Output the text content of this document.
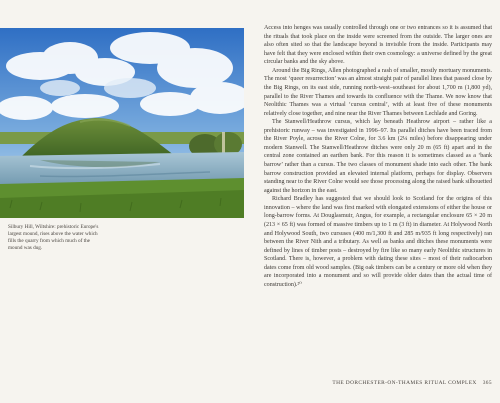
Silbury Hill, Wiltshire: prehistoric Europe's largest mound, rises above the water which fills the quarry from which much of the mound was dug.

Access into henges was usually controlled through one or two entrances so it is assumed that the rituals that took place on the inside were screened from the outside. The larger ones are also often sited so that the landscape beyond is invisible from the inside. Participants may have felt that they were enclosed within their own cosmology: a universe defined by the great circular banks and the sky above.

Around the Big Rings, Allen photographed a rash of smaller, mostly mortuary monuments. The most ‘queer resurrection’ was an almost straight pair of parallel lines that passed close by the Big Rings, on its east side, running north-west–southeast for about 1,700 m (1,800 yd), parallel to the River Thames and towards its confluence with the Thame. We now know that Neolithic Thames was a virtual ‘cursus central’, with at least five of these monuments relatively close together, and nine near the River Thames between Lechlade and Goring.

The Stanwell/Heathrow cursus, which lay beneath Heathrow airport – rather like a prehistoric runway – was investigated in 1996–97. Its parallel ditches have been traced from the River Poyle, across the River Colne, for 3.6 km (2¼ miles) before disappearing under modern Stanwell. The Stanwell/Heathrow ditches were only 20 m (65 ft) apart and in the central zone contained an earthen bank. For this reason it is sometimes classed as a ‘bank barrow’ rather than a cursus. The two classes of monument shade into each other. The bank barrow construction provided an elevated internal platform, perhaps for display. Observers standing near to the River Colne would see those processing along the raised bank silhouetted against the horizon in the east.

Richard Bradley has suggested that we should look to Scotland for the origins of this innovation – where the land was first marked with elongated extensions of either the house or long-barrow forms. At Douglasmuir, Angus, for example, a rectangular enclosure 65 × 20 m (213 × 65 ft) was formed of massive timbers up to 1 m (3 ft) in diameter. At Holywood North and Holywood South, two cursuses (400 m/1,300 ft and 285 m/935 ft long respectively) ran between the River Nith and a tributary. As well as banks and ditches these monuments were defined by lines of timber posts – destroyed by fire like so many early Neolithic structures in Scotland. There is, however, a problem with dating these sites – most of their radiocarbon dates come from old wood samples. (Big oak timbers can be a century or more old when they are incorporated into a monument and so will provide older dates than the actual time of construction).²⁰

THE DORCHESTER-ON-THAMES RITUAL COMPLEX 365
